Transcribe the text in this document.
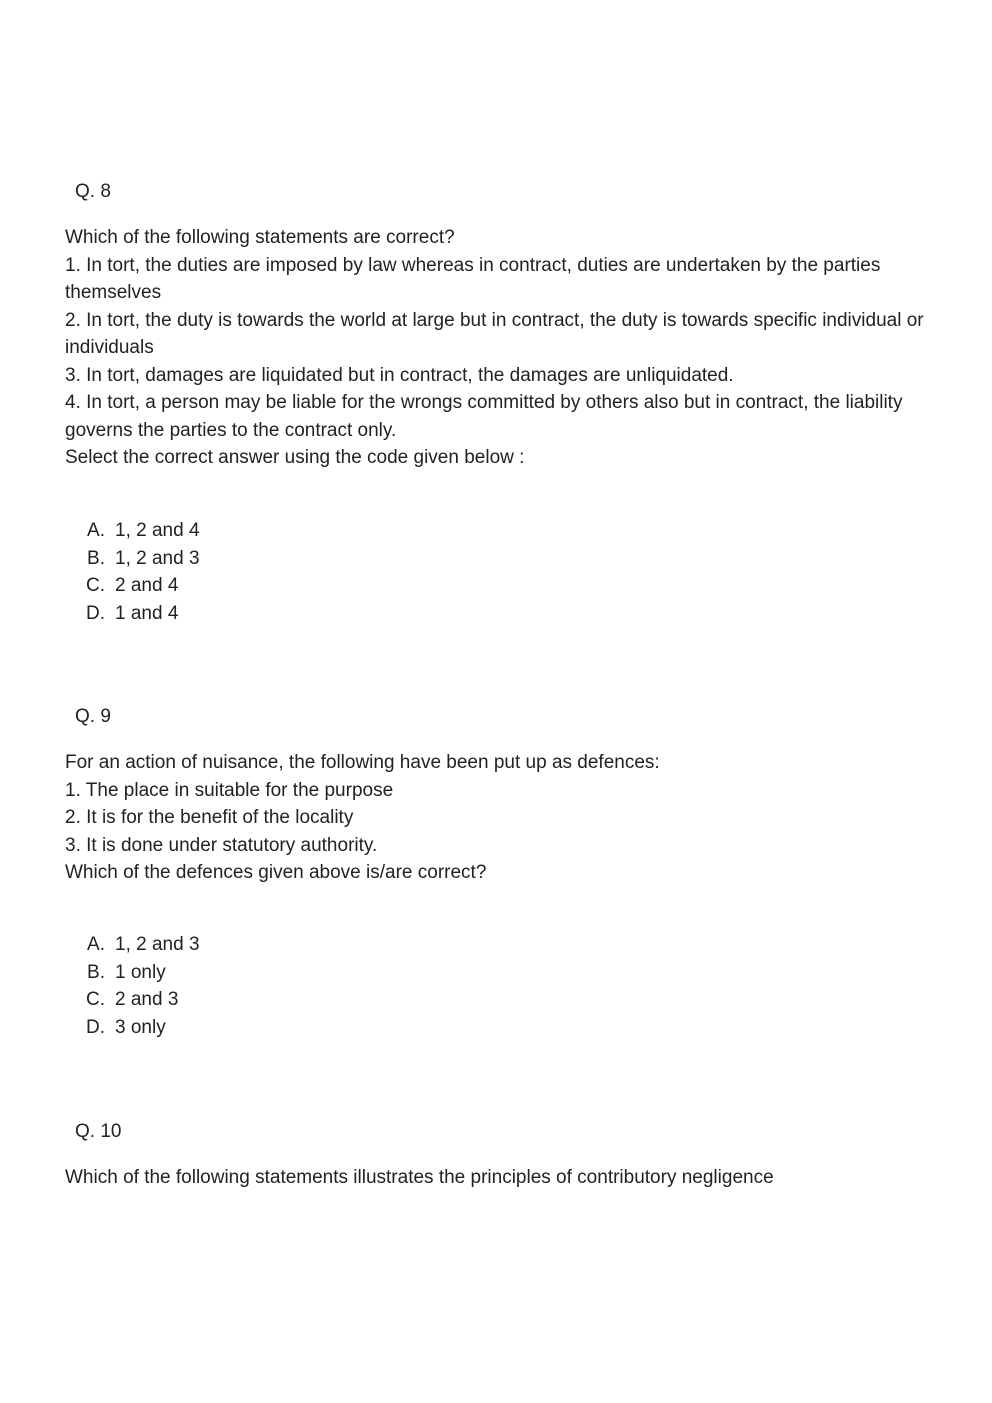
Q. 8
Which of the following statements are correct?
1. In tort, the duties are imposed by law whereas in contract, duties are undertaken by the parties themselves
2. In tort, the duty is towards the world at large but in contract, the duty is towards specific individual or individuals
3. In tort, damages are liquidated but in contract, the damages are unliquidated.
4. In tort, a person may be liable for the wrongs committed by others also but in contract, the liability governs the parties to the contract only.
Select the correct answer using the code given below :
A. 1, 2 and 4
B. 1, 2 and 3
C. 2 and 4
D. 1 and 4
Q. 9
For an action of nuisance, the following have been put up as defences:
1. The place in suitable for the purpose
2. It is for the benefit of the locality
3. It is done under statutory authority.
Which of the defences given above is/are correct?
A. 1, 2 and 3
B. 1 only
C. 2 and 3
D. 3 only
Q. 10
Which of the following statements illustrates the principles of contributory negligence
